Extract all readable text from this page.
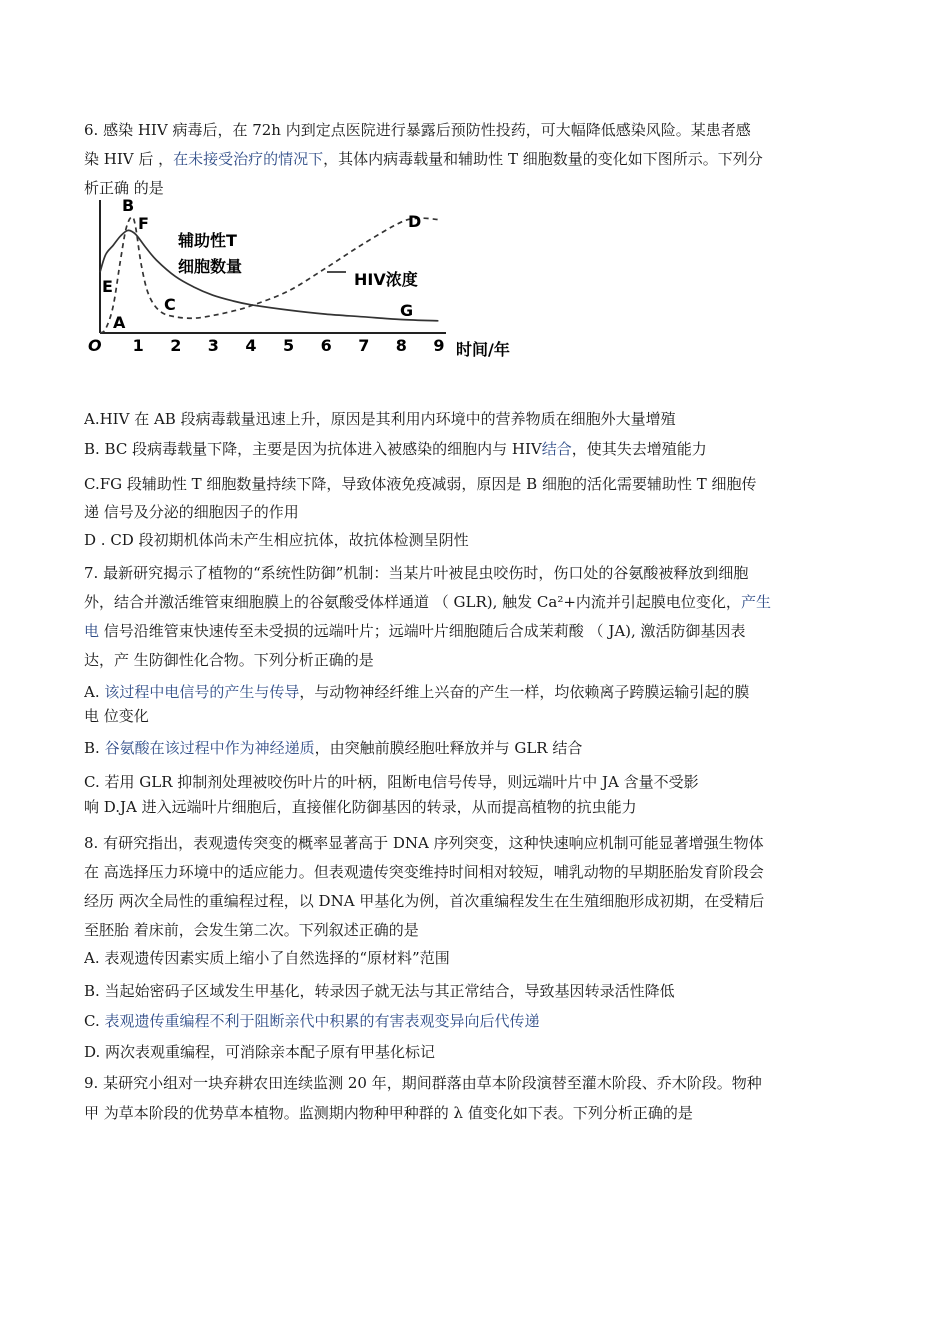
6. 感染 HIV 病毒后，在 72h 内到定点医院进行暴露后预防性投药，可大幅降低感染风险。某患者感
染 HIV 后 ，在未接受治疗的情况下，其体内病毒载量和辅助性 T 细胞数量的变化如下图所示。下列分
析正确 的是
O 1 2 3 4 5 6 7 8 9 时间/年
辅助性T
细胞数量
HIV浓度
B
F
E
A
C
D
G
A.HIV 在 AB 段病毒载量迅速上升，原因是其利用内环境中的营养物质在细胞外大量增殖
B. BC 段病毒载量下降，主要是因为抗体进入被感染的细胞内与 HIV结合，使其失去增殖能力
C.FG 段辅助性 T 细胞数量持续下降，导致体液免疫减弱，原因是 B 细胞的活化需要辅助性 T 细胞传
递 信号及分泌的细胞因子的作用
D . CD 段初期机体尚未产生相应抗体，故抗体检测呈阴性
7. 最新研究揭示了植物的“系统性防御”机制：当某片叶被昆虫咬伤时，伤口处的谷氨酸被释放到细胞
外，结合并激活维管束细胞膜上的谷氨酸受体样通道 （ GLR), 触发 Ca²+内流并引起膜电位变化，产生
电 信号沿维管束快速传至未受损的远端叶片；远端叶片细胞随后合成茉莉酸 （ JA), 激活防御基因表
达，产 生防御性化合物。下列分析正确的是
A. 该过程中电信号的产生与传导，与动物神经纤维上兴奋的产生一样，均依赖离子跨膜运输引起的膜
电 位变化
B. 谷氨酸在该过程中作为神经递质，由突触前膜经胞吐释放并与 GLR 结合
C. 若用 GLR 抑制剂处理被咬伤叶片的叶柄，阻断电信号传导，则远端叶片中 JA 含量不受影
响 D.JA 进入远端叶片细胞后，直接催化防御基因的转录，从而提高植物的抗虫能力
8. 有研究指出，表观遗传突变的概率显著高于 DNA 序列突变，这种快速响应机制可能显著增强生物体
在 高选择压力环境中的适应能力。但表观遗传突变维持时间相对较短，哺乳动物的早期胚胎发育阶段会
经历 两次全局性的重编程过程，以 DNA 甲基化为例，首次重编程发生在生殖细胞形成初期，在受精后
至胚胎 着床前，会发生第二次。下列叙述正确的是
A. 表观遗传因素实质上缩小了自然选择的“原材料”范围
B. 当起始密码子区域发生甲基化，转录因子就无法与其正常结合，导致基因转录活性降低
C. 表观遗传重编程不利于阻断亲代中积累的有害表观变异向后代传递
D. 两次表观重编程，可消除亲本配子原有甲基化标记
9. 某研究小组对一块弃耕农田连续监测 20 年，期间群落由草本阶段演替至灌木阶段、乔木阶段。物种
甲 为草本阶段的优势草本植物。监测期内物种甲种群的 λ 值变化如下表。下列分析正确的是
